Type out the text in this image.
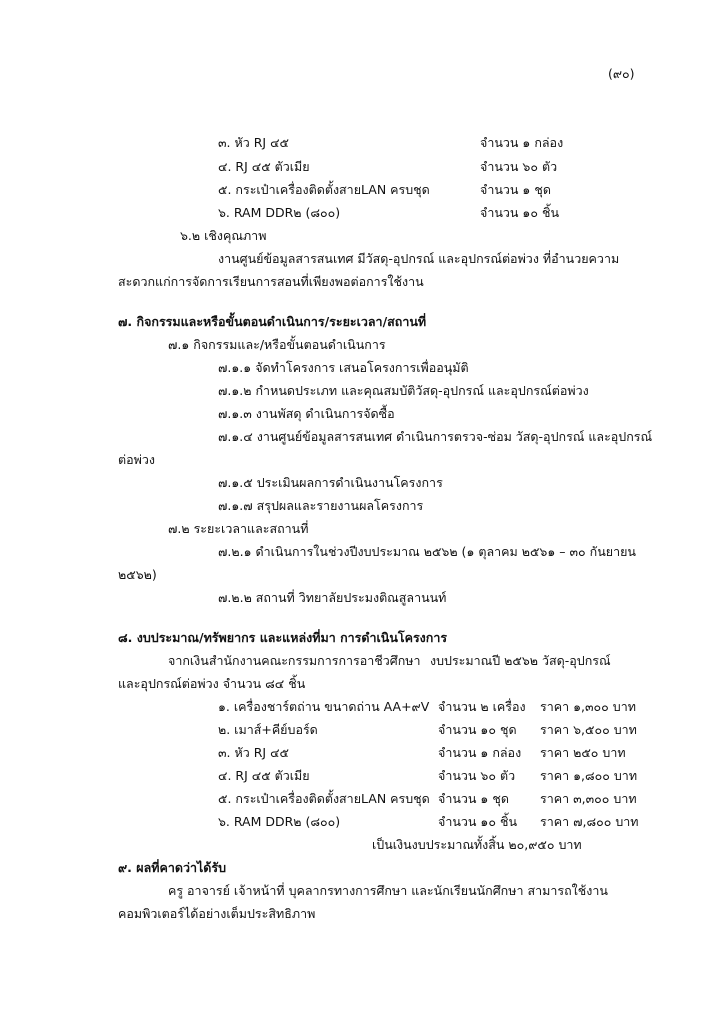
(๙๐)
๓. หัว RJ ๔๕	จำนวน ๑ กล่อง
๔. RJ ๔๕ ตัวเมีย	จำนวน ๖๐ ตัว
๕. กระเป๋าเครื่องติดตั้งสายLAN ครบชุด	จำนวน ๑ ชุด
๖. RAM DDR๒ (๘๐๐)	จำนวน ๑๐ ชิ้น
๖.๒ เชิงคุณภาพ
งานศูนย์ข้อมูลสารสนเทศ มีวัสดุ-อุปกรณ์ และอุปกรณ์ต่อพ่วง ที่อำนวยความ
สะดวกแก่การจัดการเรียนการสอนที่เพียงพอต่อการใช้งาน
๗. กิจกรรมและหรือขั้นตอนดำเนินการ/ระยะเวลา/สถานที่
๗.๑ กิจกรรมและ/หรือขั้นตอนดำเนินการ
๗.๑.๑ จัดทำโครงการ เสนอโครงการเพื่ออนุมัติ
๗.๑.๒ กำหนดประเภท และคุณสมบัติวัสดุ-อุปกรณ์ และอุปกรณ์ต่อพ่วง
๗.๑.๓ งานพัสดุ ดำเนินการจัดซื้อ
๗.๑.๔ งานศูนย์ข้อมูลสารสนเทศ ดำเนินการตรวจ-ซ่อม วัสดุ-อุปกรณ์ และอุปกรณ์
ต่อพ่วง
๗.๑.๕ ประเมินผลการดำเนินงานโครงการ
๗.๑.๗ สรุปผลและรายงานผลโครงการ
๗.๒ ระยะเวลาและสถานที่
๗.๒.๑ ดำเนินการในช่วงปีงบประมาณ ๒๕๖๒ (๑ ตุลาคม ๒๕๖๑ – ๓๐ กันยายน
๒๕๖๒)
๗.๒.๒ สถานที่ วิทยาลัยประมงติณสูลานนท์
๘. งบประมาณ/ทรัพยากร และแหล่งที่มา การดำเนินโครงการ
จากเงินสำนักงานคณะกรรมการการอาชีวศึกษา งบประมาณปี ๒๕๖๒ วัสดุ-อุปกรณ์
และอุปกรณ์ต่อพ่วง จำนวน ๘๔ ชิ้น
๑. เครื่องชาร์ตถ่าน ขนาดถ่าน AA+๙V จำนวน ๒ เครื่อง ราคา ๑,๓๐๐ บาท
๒. เมาส์+คีย์บอร์ด	จำนวน ๑๐ ชุด ราคา ๖,๕๐๐ บาท
๓. หัว RJ ๔๕	จำนวน ๑ กล่อง ราคา ๒๕๐ บาท
๔. RJ ๔๕ ตัวเมีย	จำนวน ๖๐ ตัว ราคา ๑,๘๐๐ บาท
๕. กระเป๋าเครื่องติดตั้งสายLAN ครบชุด จำนวน ๑ ชุด ราคา ๓,๓๐๐ บาท
๖. RAM DDR๒ (๘๐๐)	จำนวน ๑๐ ชิ้น ราคา ๗,๘๐๐ บาท
เป็นเงินงบประมาณทั้งสิ้น ๒๐,๙๕๐ บาท
๙. ผลที่คาดว่าได้รับ
ครู อาจารย์ เจ้าหน้าที่ บุคลากรทางการศึกษา และนักเรียนนักศึกษา สามารถใช้งาน
คอมพิวเตอร์ได้อย่างเต็มประสิทธิภาพ
